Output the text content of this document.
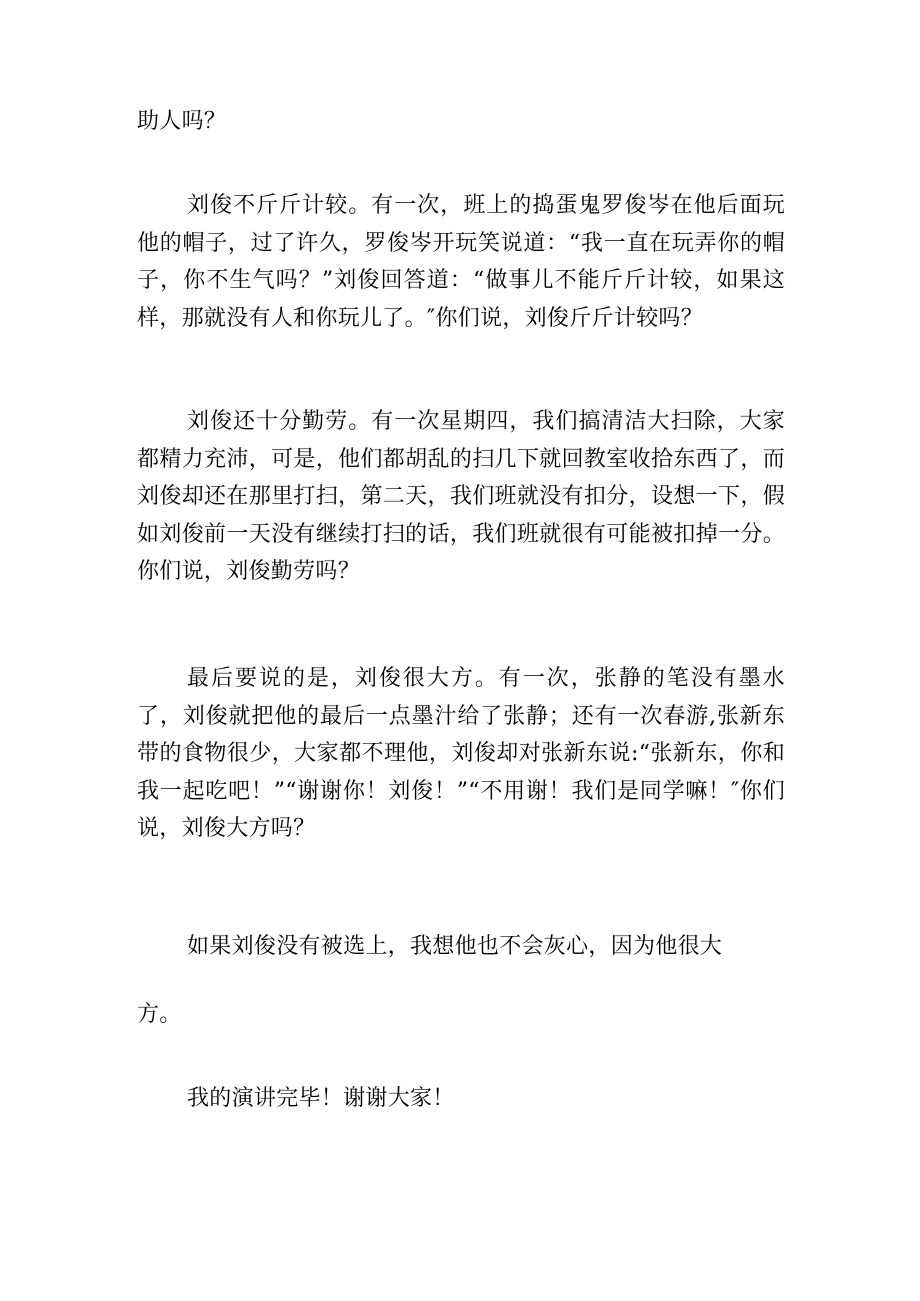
助人吗？

刘俊不斤斤计较。有一次，班上的捣蛋鬼罗俊岑在他后面玩他的帽子，过了许久，罗俊岑开玩笑说道：“我一直在玩弄你的帽子，你不生气吗？”刘俊回答道：“做事儿不能斤斤计较，如果这样，那就没有人和你玩儿了。″你们说，刘俊斤斤计较吗？

刘俊还十分勤劳。有一次星期四，我们搞清洁大扫除，大家都精力充沛，可是，他们都胡乱的扫几下就回教室收拾东西了，而刘俊却还在那里打扫，第二天，我们班就没有扣分，设想一下，假如刘俊前一天没有继续打扫的话，我们班就很有可能被扣掉一分。你们说，刘俊勤劳吗？

最后要说的是，刘俊很大方。有一次，张静的笔没有墨水了，刘俊就把他的最后一点墨汁给了张静；还有一次春游,张新东带的食物很少，大家都不理他，刘俊却对张新东说:“张新东，你和我一起吃吧！”“谢谢你！刘俊！”“不用谢！我们是同学嘛！″你们说，刘俊大方吗？

如果刘俊没有被选上，我想他也不会灰心，因为他很大

方。

我的演讲完毕！谢谢大家！
